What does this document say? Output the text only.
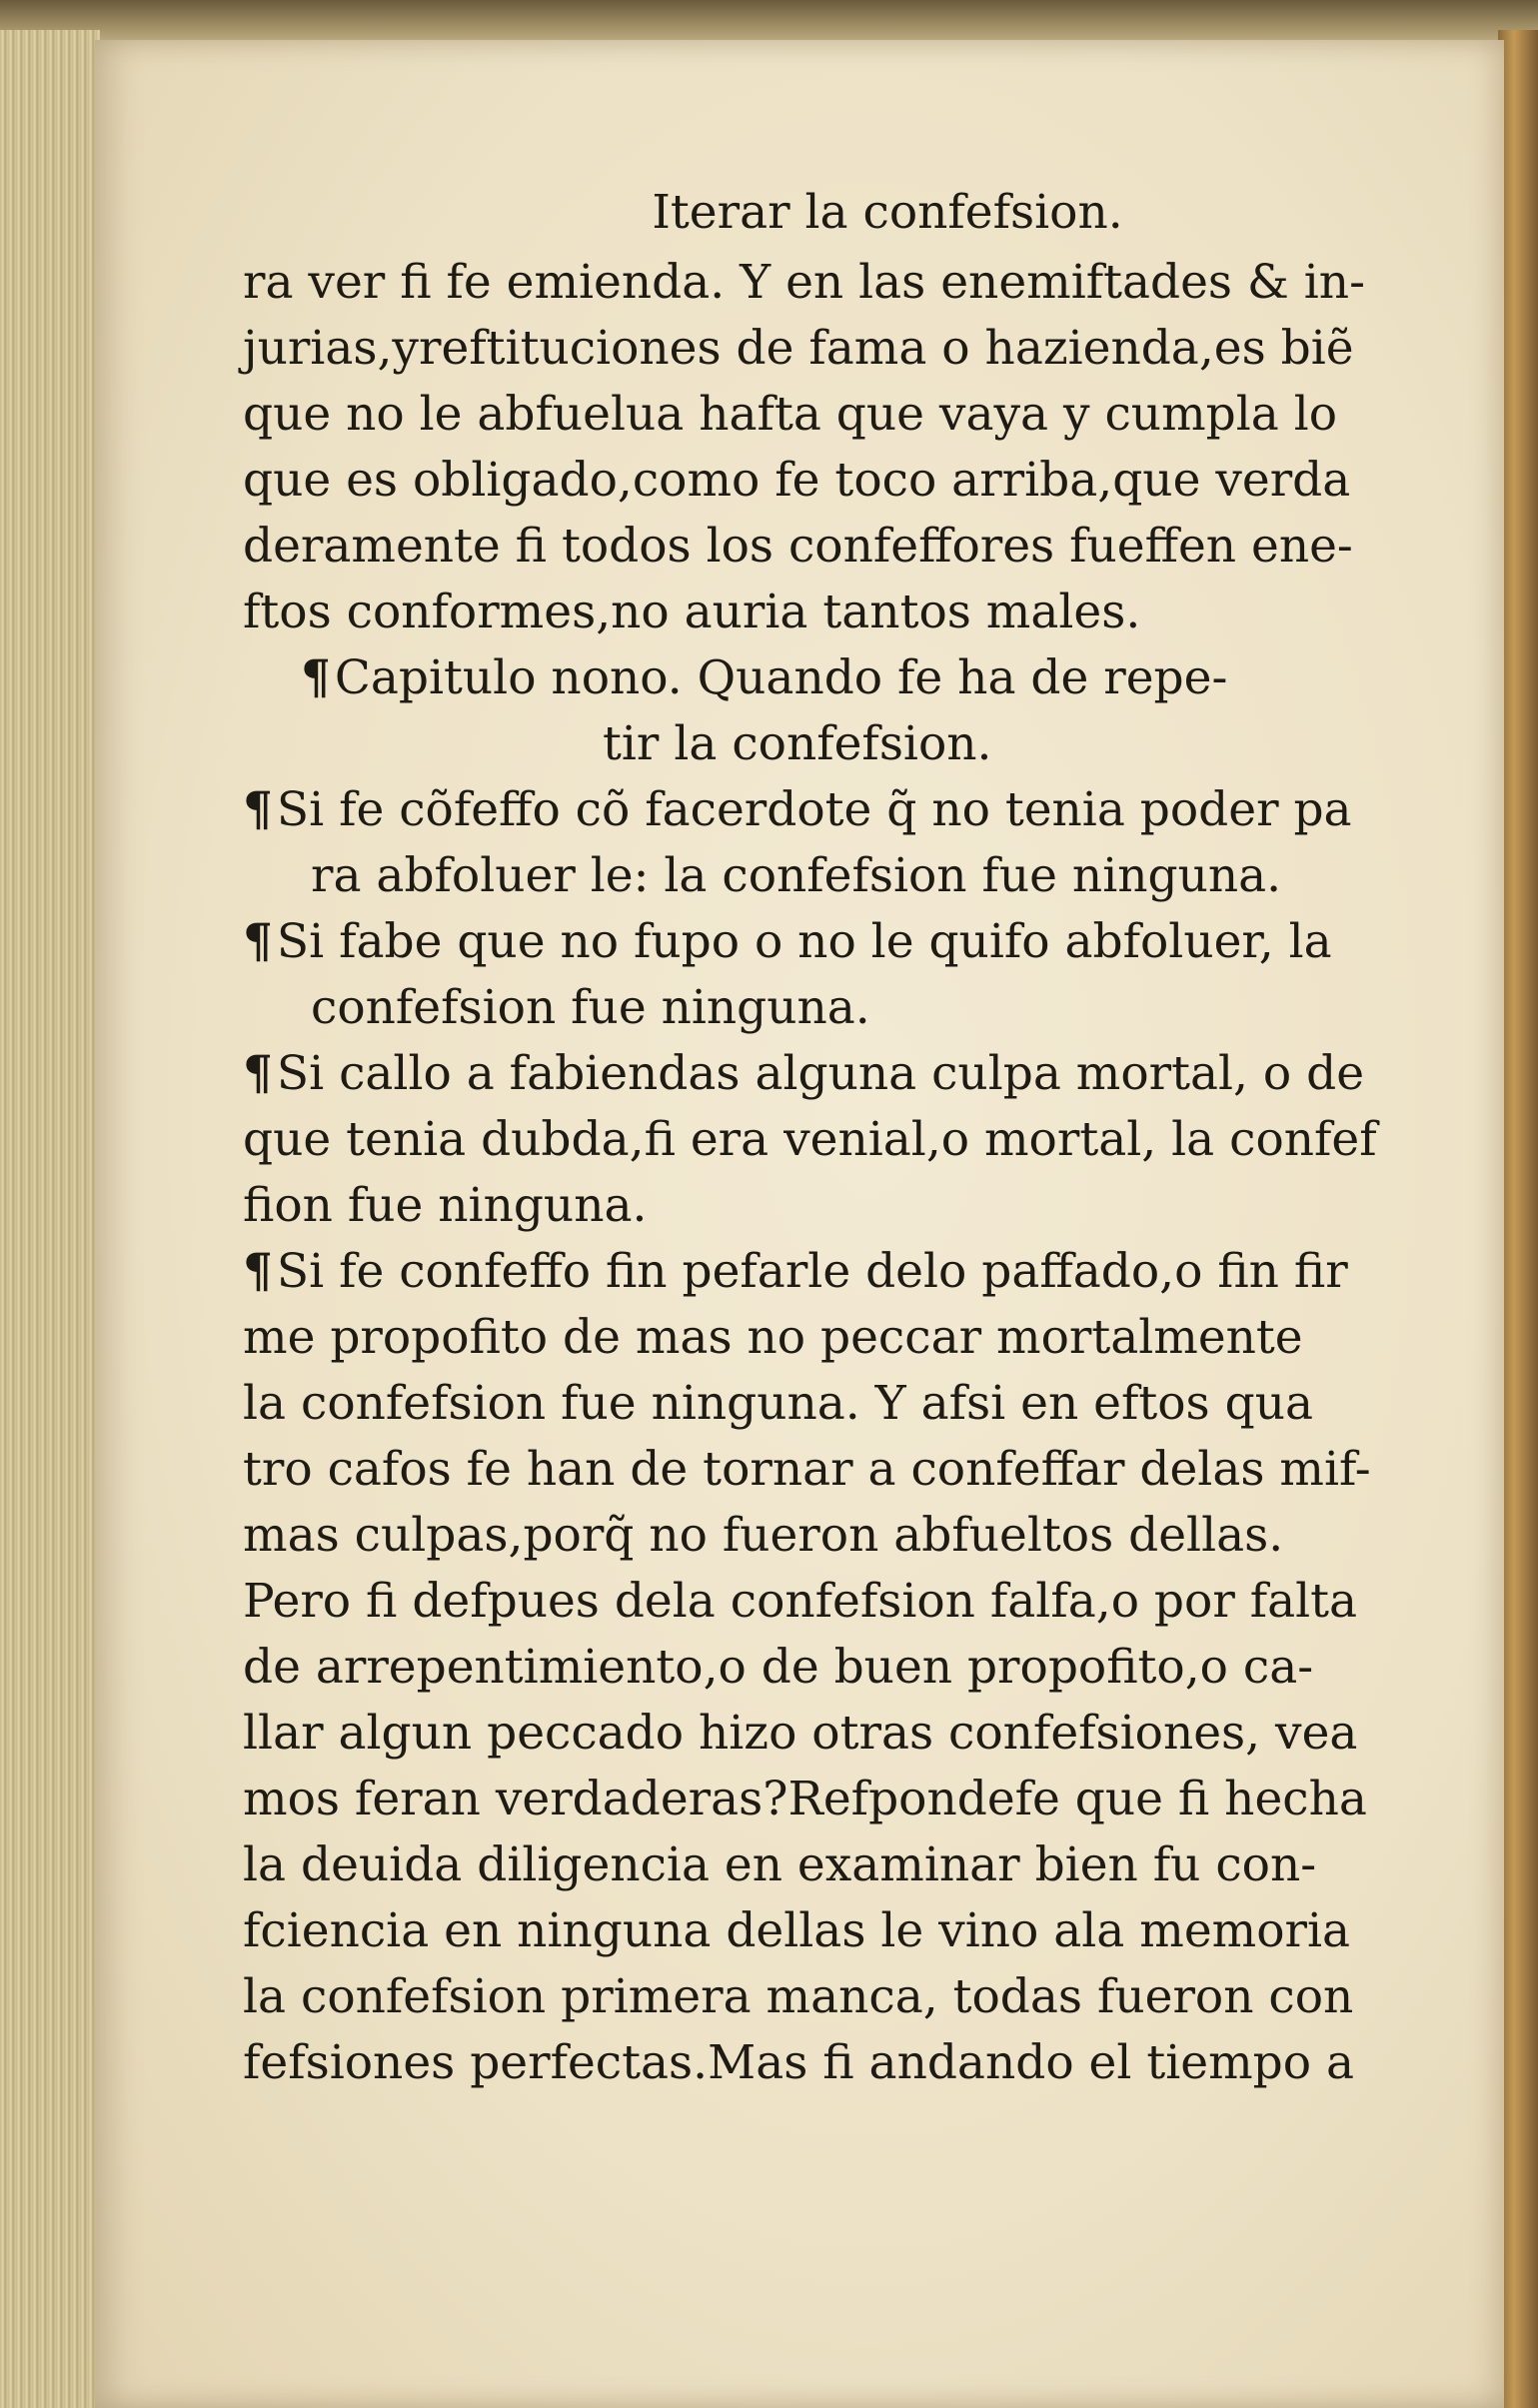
Iterar la confefsion.
ra ver fi fe emienda. Y en las enemiftades & in-
jurias,yreftituciones de fama o hazienda,es biẽ
que no le abfuelua hafta que vaya y cumpla lo
que es obligado,como fe toco arriba,que verda
deramente fi todos los confeffores fueffen ene-
ftos conformes,no auria tantos males.
¶Capitulo nono. Quando fe ha de repe-
tir la confefsion.
¶Si fe cõfeffo cõ facerdote q̃ no tenia poder pa
ra abfoluer le: la confefsion fue ninguna.
¶Si fabe que no fupo o no le quifo abfoluer, la
confefsion fue ninguna.
¶Si callo a fabiendas alguna culpa mortal, o de
que tenia dubda,fi era venial,o mortal, la confef
fion fue ninguna.
¶Si fe confeffo fin pefarle delo paffado,o fin fir
me propofito de mas no peccar mortalmente
la confefsion fue ninguna. Y afsi en eftos qua
tro cafos fe han de tornar a confeffar delas mif-
mas culpas,porq̃ no fueron abfueltos dellas.
Pero fi defpues dela confefsion falfa,o por falta
de arrepentimiento,o de buen propofito,o ca-
llar algun peccado hizo otras confefsiones, vea
mos feran verdaderas?Refpondefe que fi hecha
la deuida diligencia en examinar bien fu con-
fciencia en ninguna dellas le vino ala memoria
la confefsion primera manca, todas fueron con
fefsiones perfectas.Mas fi andando el tiempo a
